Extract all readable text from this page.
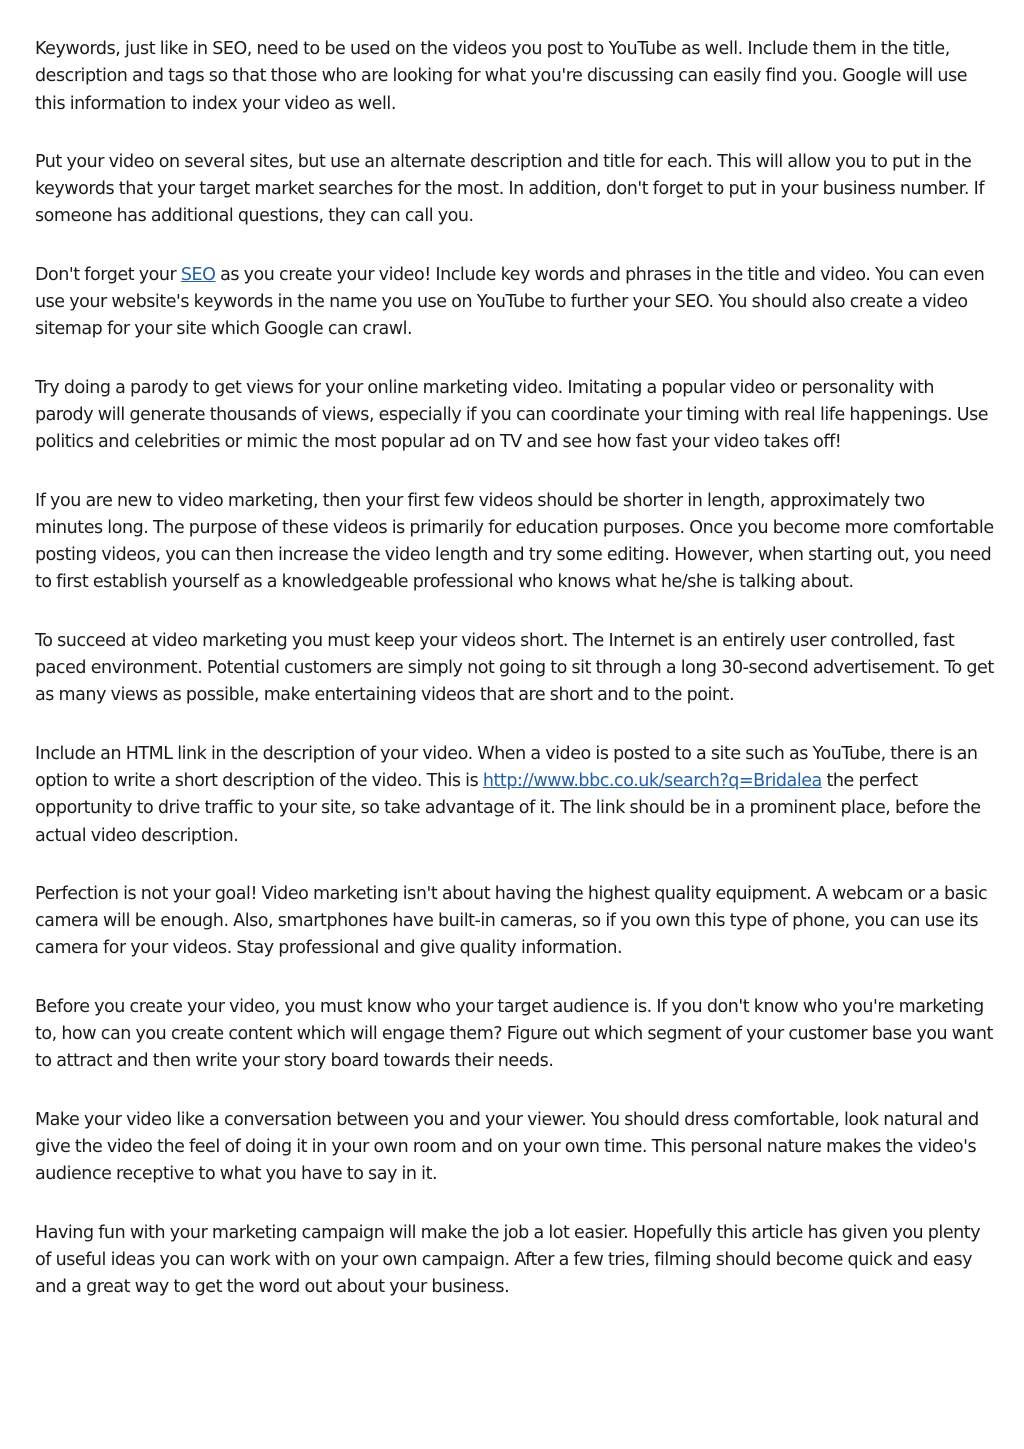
Keywords, just like in SEO, need to be used on the videos you post to YouTube as well. Include them in the title, description and tags so that those who are looking for what you're discussing can easily find you. Google will use this information to index your video as well.

Put your video on several sites, but use an alternate description and title for each. This will allow you to put in the keywords that your target market searches for the most. In addition, don't forget to put in your business number. If someone has additional questions, they can call you.

Don't forget your SEO as you create your video! Include key words and phrases in the title and video. You can even use your website's keywords in the name you use on YouTube to further your SEO. You should also create a video sitemap for your site which Google can crawl.

Try doing a parody to get views for your online marketing video. Imitating a popular video or personality with parody will generate thousands of views, especially if you can coordinate your timing with real life happenings. Use politics and celebrities or mimic the most popular ad on TV and see how fast your video takes off!

If you are new to video marketing, then your first few videos should be shorter in length, approximately two minutes long. The purpose of these videos is primarily for education purposes. Once you become more comfortable posting videos, you can then increase the video length and try some editing. However, when starting out, you need to first establish yourself as a knowledgeable professional who knows what he/she is talking about.

To succeed at video marketing you must keep your videos short. The Internet is an entirely user controlled, fast paced environment. Potential customers are simply not going to sit through a long 30-second advertisement. To get as many views as possible, make entertaining videos that are short and to the point.

Include an HTML link in the description of your video. When a video is posted to a site such as YouTube, there is an option to write a short description of the video. This is http://www.bbc.co.uk/search?q=Bridalea the perfect opportunity to drive traffic to your site, so take advantage of it. The link should be in a prominent place, before the actual video description.

Perfection is not your goal! Video marketing isn't about having the highest quality equipment. A webcam or a basic camera will be enough. Also, smartphones have built-in cameras, so if you own this type of phone, you can use its camera for your videos. Stay professional and give quality information.

Before you create your video, you must know who your target audience is. If you don't know who you're marketing to, how can you create content which will engage them? Figure out which segment of your customer base you want to attract and then write your story board towards their needs.

Make your video like a conversation between you and your viewer. You should dress comfortable, look natural and give the video the feel of doing it in your own room and on your own time. This personal nature makes the video's audience receptive to what you have to say in it.

Having fun with your marketing campaign will make the job a lot easier. Hopefully this article has given you plenty of useful ideas you can work with on your own campaign. After a few tries, filming should become quick and easy and a great way to get the word out about your business.
